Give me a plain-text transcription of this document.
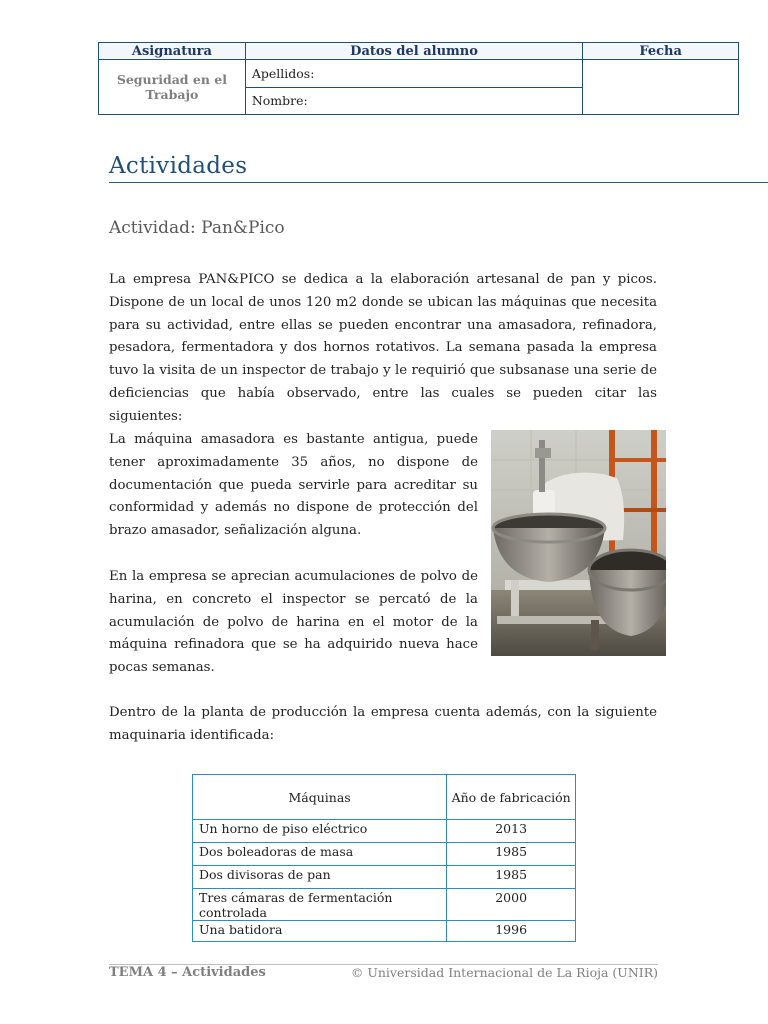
Asignatura	Datos del alumno	Fecha
Seguridad en el Trabajo	Apellidos:	
	Nombre:	
Actividades
Actividad: Pan&Pico

La empresa PAN&PICO se dedica a la elaboración artesanal de pan y picos. Dispone de un local de unos 120 m2 donde se ubican las máquinas que necesita para su actividad, entre ellas se pueden encontrar una amasadora, refinadora, pesadora, fermentadora y dos hornos rotativos. La semana pasada la empresa tuvo la visita de un inspector de trabajo y le requirió que subsanase una serie de deficiencias que había observado, entre las cuales se pueden citar las siguientes:

La máquina amasadora es bastante antigua, puede tener aproximadamente 35 años, no dispone de documentación que pueda servirle para acreditar su conformidad y además no dispone de protección del brazo amasador, señalización alguna.

En la empresa se aprecian acumulaciones de polvo de harina, en concreto el inspector se percató de la acumulación de polvo de harina en el motor de la máquina refinadora que se ha adquirido nueva hace pocas semanas.

Dentro de la planta de producción la empresa cuenta además, con la siguiente maquinaria identificada:

Máquinas	Año de fabricación
Un horno de piso eléctrico	2013
Dos boleadoras de masa	1985
Dos divisoras de pan	1985
Tres cámaras de fermentación controlada	2000
Una batidora	1996
TEMA 4 – Actividades	© Universidad Internacional de La Rioja (UNIR)
